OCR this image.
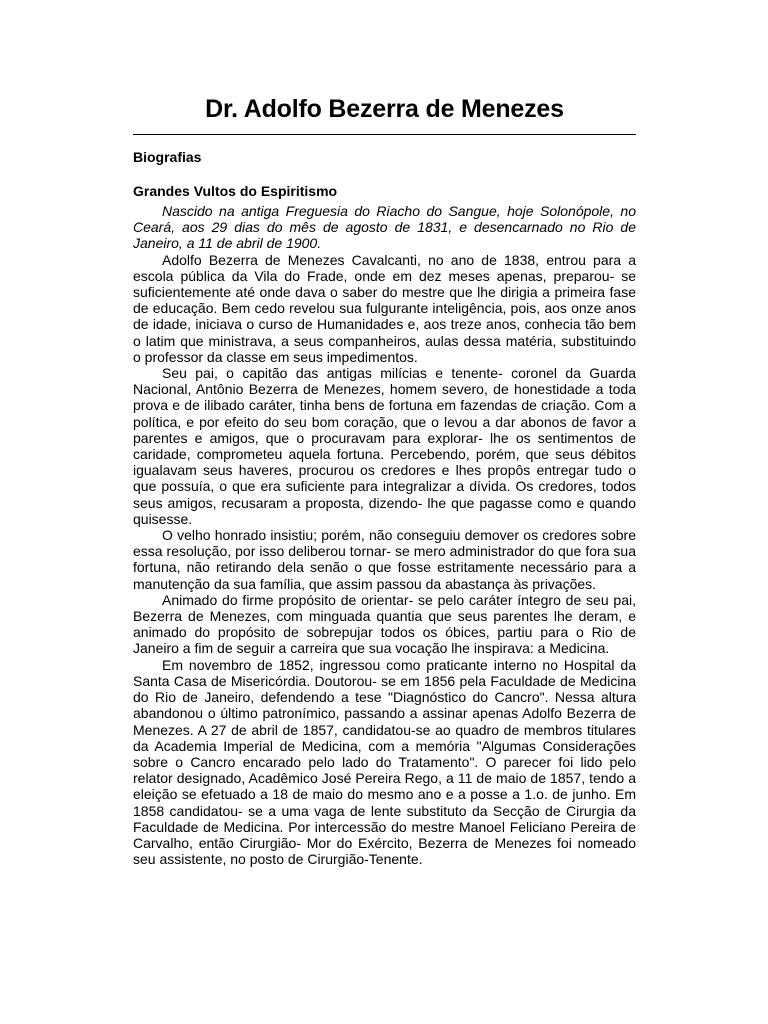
Dr. Adolfo Bezerra de Menezes
Biografias
Grandes Vultos do Espiritismo

Nascido na antiga Freguesia do Riacho do Sangue, hoje Solonópole, no Ceará, aos 29 dias do mês de agosto de 1831, e desencarnado no Rio de Janeiro, a 11 de abril de 1900.

Adolfo Bezerra de Menezes Cavalcanti, no ano de 1838, entrou para a escola pública da Vila do Frade, onde em dez meses apenas, preparou- se suficientemente até onde dava o saber do mestre que lhe dirigia a primeira fase de educação. Bem cedo revelou sua fulgurante inteligência, pois, aos onze anos de idade, iniciava o curso de Humanidades e, aos treze anos, conhecia tão bem o latim que ministrava, a seus companheiros, aulas dessa matéria, substituindo o professor da classe em seus impedimentos.

Seu pai, o capitão das antigas milícias e tenente- coronel da Guarda Nacional, Antônio Bezerra de Menezes, homem severo, de honestidade a toda prova e de ilibado caráter, tinha bens de fortuna em fazendas de criação. Com a política, e por efeito do seu bom coração, que o levou a dar abonos de favor a parentes e amigos, que o procuravam para explorar- lhe os sentimentos de caridade, comprometeu aquela fortuna. Percebendo, porém, que seus débitos igualavam seus haveres, procurou os credores e lhes propôs entregar tudo o que possuía, o que era suficiente para integralizar a dívida. Os credores, todos seus amigos, recusaram a proposta, dizendo- lhe que pagasse como e quando quisesse.

O velho honrado insistiu; porém, não conseguiu demover os credores sobre essa resolução, por isso deliberou tornar- se mero administrador do que fora sua fortuna, não retirando dela senão o que fosse estritamente necessário para a manutenção da sua família, que assim passou da abastança às privações.

Animado do firme propósito de orientar- se pelo caráter íntegro de seu pai, Bezerra de Menezes, com minguada quantia que seus parentes lhe deram, e animado do propósito de sobrepujar todos os óbices, partiu para o Rio de Janeiro a fim de seguir a carreira que sua vocação lhe inspirava: a Medicina.

Em novembro de 1852, ingressou como praticante interno no Hospital da Santa Casa de Misericórdia. Doutorou- se em 1856 pela Faculdade de Medicina do Rio de Janeiro, defendendo a tese "Diagnóstico do Cancro". Nessa altura abandonou o último patronímico, passando a assinar apenas Adolfo Bezerra de Menezes. A 27 de abril de 1857, candidatou-se ao quadro de membros titulares da Academia Imperial de Medicina, com a memória "Algumas Considerações sobre o Cancro encarado pelo lado do Tratamento". O parecer foi lido pelo relator designado, Acadêmico José Pereira Rego, a 11 de maio de 1857, tendo a eleição se efetuado a 18 de maio do mesmo ano e a posse a 1.o. de junho. Em 1858 candidatou- se a uma vaga de lente substituto da Secção de Cirurgia da Faculdade de Medicina. Por intercessão do mestre Manoel Feliciano Pereira de Carvalho, então Cirurgião- Mor do Exército, Bezerra de Menezes foi nomeado seu assistente, no posto de Cirurgião-Tenente.
